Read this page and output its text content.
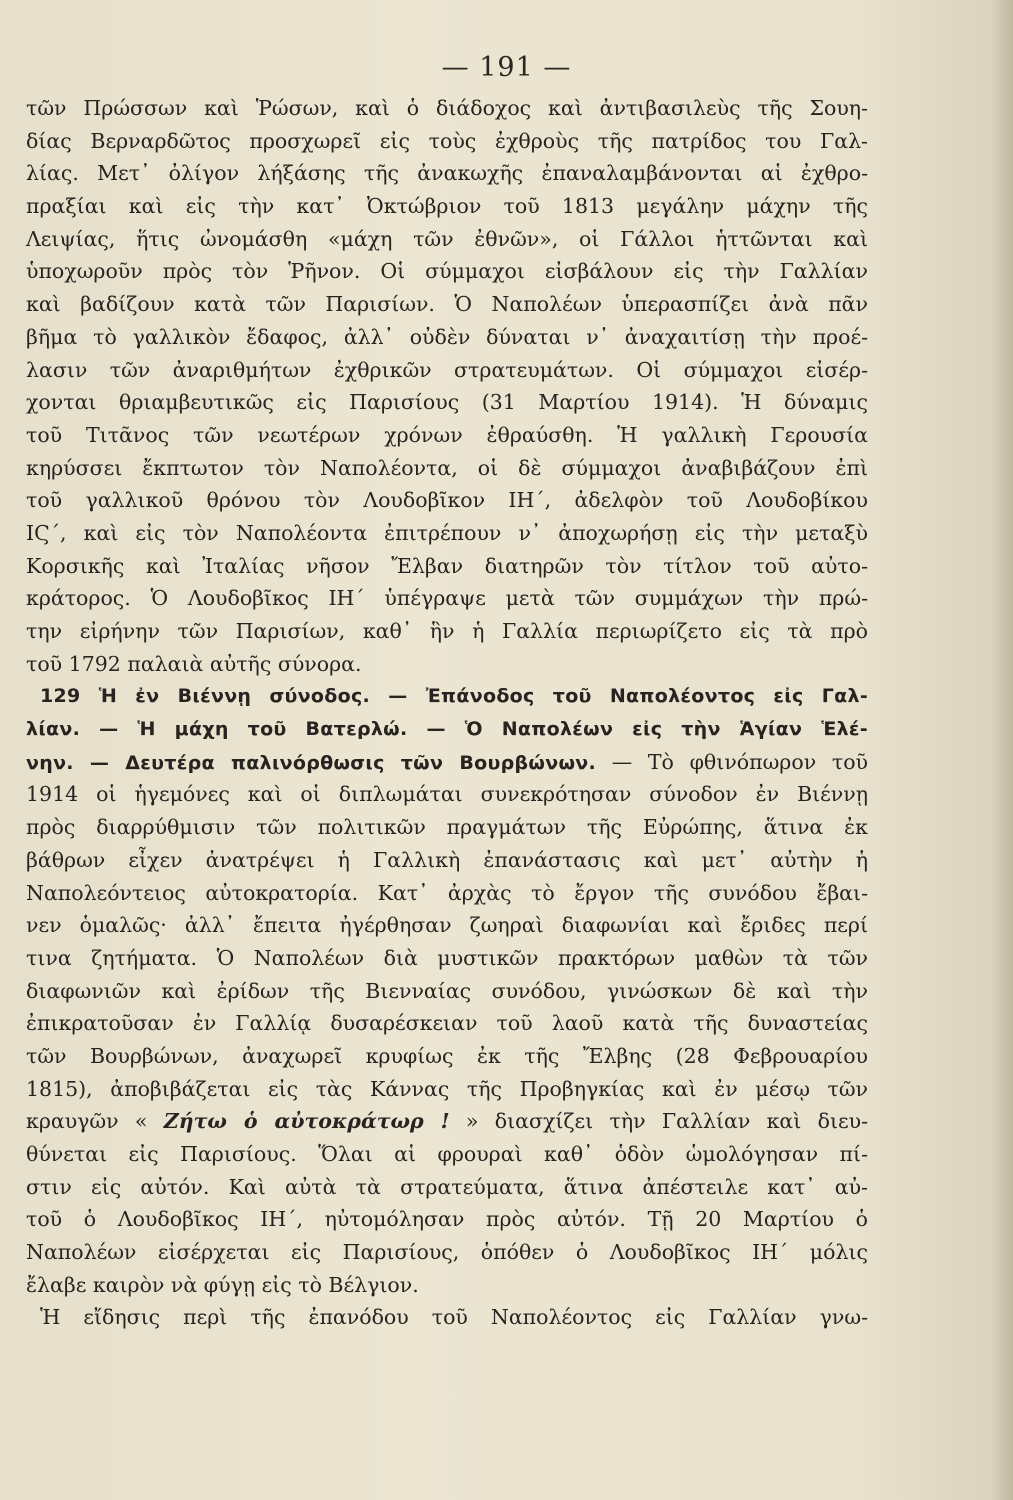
— 191 —
τῶν Πρώσσων καὶ Ῥώσων, καὶ ὁ διάδοχος καὶ ἀντιβασιλεὺς τῆς Σουη-
δίας Βερναρδῶτος προσχωρεῖ εἰς τοὺς ἐχθροὺς τῆς πατρίδος του Γαλ-
λίας. Μετ᾽ ὀλίγον λήξάσης τῆς ἀνακωχῆς ἐπαναλαμβάνονται αἱ ἐχθρο-
πραξίαι καὶ εἰς τὴν κατ᾽ Ὀκτώβριον τοῦ 1813 μεγάλην μάχην τῆς
Λειψίας, ἥτις ὠνομάσθη «μάχη τῶν ἐθνῶν», οἱ Γάλλοι ἡττῶνται καὶ
ὑποχωροῦν πρὸς τὸν Ῥῆνον. Οἱ σύμμαχοι εἰσβάλουν εἰς τὴν Γαλλίαν
καὶ βαδίζουν κατὰ τῶν Παρισίων. Ὁ Ναπολέων ὑπερασπίζει ἀνὰ πᾶν
βῆμα τὸ γαλλικὸν ἔδαφος, ἀλλ᾽ οὐδὲν δύναται ν᾽ ἀναχαιτίσῃ τὴν προέ-
λασιν τῶν ἀναριθμήτων ἐχθρικῶν στρατευμάτων. Οἱ σύμμαχοι εἰσέρ-
χονται θριαμβευτικῶς εἰς Παρισίους (31 Μαρτίου 1914). Ἡ δύναμις
τοῦ Τιτᾶνος τῶν νεωτέρων χρόνων ἐθραύσθη. Ἡ γαλλικὴ Γερουσία
κηρύσσει ἔκπτωτον τὸν Ναπολέοντα, οἱ δὲ σύμμαχοι ἀναβιβάζουν ἐπὶ
τοῦ γαλλικοῦ θρόνου τὸν Λουδοβῖκον ΙΗ΄, ἀδελφὸν τοῦ Λουδοβίκου
ΙϚ΄, καὶ εἰς τὸν Ναπολέοντα ἐπιτρέπουν ν᾽ ἀποχωρήσῃ εἰς τὴν μεταξὺ
Κορσικῆς καὶ Ἰταλίας νῆσον Ἔλβαν διατηρῶν τὸν τίτλον τοῦ αὐτο-
κράτορος. Ὁ Λουδοβῖκος ΙΗ΄ ὑπέγραψε μετὰ τῶν συμμάχων τὴν πρώ-
την εἰρήνην τῶν Παρισίων, καθ᾽ ἣν ἡ Γαλλία περιωρίζετο εἰς τὰ πρὸ
τοῦ 1792 παλαιὰ αὐτῆς σύνορα.
129 Ἡ ἐν Βιέννῃ σύνοδος. — Ἐπάνοδος τοῦ Ναπολέοντος εἰς Γαλ-
λίαν. — Ἡ μάχη τοῦ Βατερλώ. — Ὁ Ναπολέων εἰς τὴν Ἁγίαν Ἑλέ-
νην. — Δευτέρα παλινόρθωσις τῶν Βουρβώνων. — Τὸ φθινόπωρον τοῦ
1914 οἱ ἡγεμόνες καὶ οἱ διπλωμάται συνεκρότησαν σύνοδον ἐν Βιέννῃ
πρὸς διαρρύθμισιν τῶν πολιτικῶν πραγμάτων τῆς Εὐρώπης, ἅτινα ἐκ
βάθρων εἶχεν ἀνατρέψει ἡ Γαλλικὴ ἐπανάστασις καὶ μετ᾽ αὐτὴν ἡ
Ναπολεόντειος αὐτοκρατορία. Κατ᾽ ἀρχὰς τὸ ἔργον τῆς συνόδου ἔβαι-
νεν ὁμαλῶς· ἀλλ᾽ ἔπειτα ἠγέρθησαν ζωηραὶ διαφωνίαι καὶ ἔριδες περί
τινα ζητήματα. Ὁ Ναπολέων διὰ μυστικῶν πρακτόρων μαθὼν τὰ τῶν
διαφωνιῶν καὶ ἐρίδων τῆς Βιενναίας συνόδου, γινώσκων δὲ καὶ τὴν
ἐπικρατοῦσαν ἐν Γαλλίᾳ δυσαρέσκειαν τοῦ λαοῦ κατὰ τῆς δυναστείας
τῶν Βουρβώνων, ἀναχωρεῖ κρυφίως ἐκ τῆς Ἔλβης (28 Φεβρουαρίου
1815), ἀποβιβάζεται εἰς τὰς Κάννας τῆς Προβηγκίας καὶ ἐν μέσῳ τῶν
κραυγῶν « Ζήτω ὁ αὐτοκράτωρ ! » διασχίζει τὴν Γαλλίαν καὶ διευ-
θύνεται εἰς Παρισίους. Ὅλαι αἱ φρουραὶ καθ᾽ ὁδὸν ὡμολόγησαν πί-
στιν εἰς αὐτόν. Καὶ αὐτὰ τὰ στρατεύματα, ἅτινα ἀπέστειλε κατ᾽ αὐ-
τοῦ ὁ Λουδοβῖκος ΙΗ΄, ηὐτομόλησαν πρὸς αὐτόν. Τῇ 20 Μαρτίου ὁ
Ναπολέων εἰσέρχεται εἰς Παρισίους, ὁπόθεν ὁ Λουδοβῖκος ΙΗ΄ μόλις
ἔλαβε καιρὸν νὰ φύγῃ εἰς τὸ Βέλγιον.
Ἡ εἴδησις περὶ τῆς ἐπανόδου τοῦ Ναπολέοντος εἰς Γαλλίαν γνω-
